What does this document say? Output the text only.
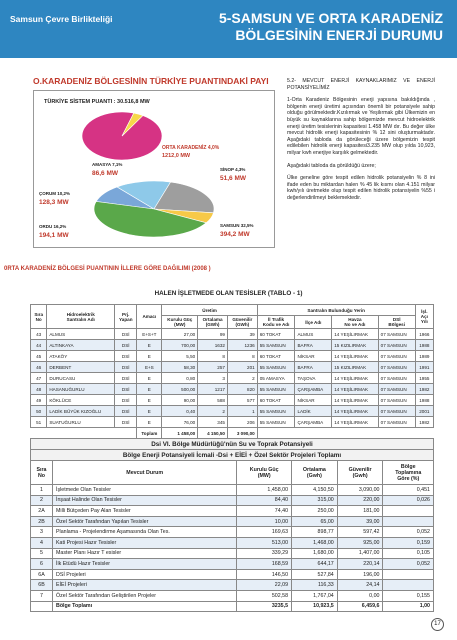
Samsun Çevre Birlikteliği	5-SAMSUN VE ORTA KARADENİZ
BÖLGESİNİN ENERJİ DURUMU
O.KARADENİZ BÖLGESİNİN TÜRKİYE PUANTINDAKİ PAYI
TÜRKİYE SİSTEM PUANTI : 30.516,8 MW
ORTA KARADENİZ 4,0%
1212,0 MW
AMASYA 7,1%
86,6 MW
ÇORUM 10,2%
128,3 MW
ORDU 16,2%
194,1 MW
SİNOP 4,3%
51,6 MW
SAMSUN 32,5%
394,2 MW
0RTA KARADENİZ BÖLGESİ PUANTININ İLLERE GÖRE DAĞILIMI (2008 )

5.2- MEVCUT ENERJİ KAYNAKLARIMIZ VE ENERJİ POTANSİYELİMİZ

1-Orta Karadeniz Bölgesinin enerji yapısına bakıldığında , bölgenin enerji üretimi açısından önemli bir potansiyele sahip olduğu görülmektedir.Kızılırmak ve Yeşilırmak gibi Ülkemizin en büyük su kaynaklarına sahip bölgemizde mevcut hidroelektrik enerji üretim tesislerinin kapasitesi 1.458 MW dır. Bu değer ülke mevcut hidrolik enerji kapasitesinin % 12 sini oluşturmaktadır. Aşağıdaki tabloda da görüleceği üzere bölgemizin tespit edilebilen hidrolik enerji kapasitesi3.235 MW olup yılda 10,923, milyar kwh enerjiye karşılık gelmektedir.

Aşağıdaki tabloda da görüldüğü üzere;

Ülke geneline göre tespit edilen hidrolik potansiyelin % 8 ini ifade eden bu miktardan halen % 45 lik kısmı olan 4.151 milyar kwh/yılı üretmekte olup tespit edilen hidrolik potansiyelin %55 i değerlendirilmeyi beklemektedir.

HALEN İŞLETMEDE OLAN TESİSLER (TABLO - 1)
Sıra
No	Hidroelektrik
Santralın Adı	Prj.
Yapan	Amacı	Üretim			Santralın Bulunduğu Yerin				İşl.
Açı
Yılı
				Kurulu Güç
(MW)	Ortalama
(GWh)	Güvenilir
(GWh)	İl Trafik
Kodu ve Adı	İlçe Adı	Havza
No ve Adı	DSİ
Bölgesi	
43	ALMUS	DSİ	E+S+T	27,00	99	39	60 TOKAT	ALMUS	14 YEŞİLIRMAK	07 SAMSUN	1966
44	ALTINKAYA	DSİ	E	700,00	1632	1236	55 SAMSUN	BAFRA	15 KIZILIRMAK	07 SAMSUN	1988
45	ATAKÖY	DSİ	E	5,50	8	8	60 TOKAT	NİKSAR	14 YEŞİLIRMAK	07 SAMSUN	1989
46	DERBENT	DSİ	E+S	58,30	257	201	55 SAMSUN	BAFRA	15 KIZILIRMAK	07 SAMSUN	1991
47	DURUCASU	DSİ	E	0,80	3	2	05 AMASYA	TAŞOVA	14 YEŞİLIRMAK	07 SAMSUN	1955
48	HASANUĞURLU	DSİ	E	500,00	1217	820	55 SAMSUN	ÇARŞAMBA	14 YEŞİLIRMAK	07 SAMSUN	1982
49	KÖKLÜCE	DSİ	E	90,00	588	577	60 TOKAT	NİKSAR	14 YEŞİLIRMAK	07 SAMSUN	1988
50	LADİK BÜYÜK KIZOĞLU	DSİ	E	0,40	2	1	55 SAMSUN	LADİK	14 YEŞİLIRMAK	07 SAMSUN	2001
51	SUATUĞURLU	DSİ	E	76,00	345	206	55 SAMSUN	ÇARŞAMBA	14 YEŞİLIRMAK	07 SAMSUN	1982
			Toplam	1 458,00	4 150,50	3 090,00					
Dsi VI. Bölge Müdürlüğü'nün Su ve Toprak Potansiyeli					
Bölge Enerji Potansiyeli İcmali -Dsi + EİEİ + Özel Sektör Projeleri Toplamı					
Sıra
No	Mevcut Durum	Kurulu Güç
(MW)	Ortalama
(Gwh)	Güvenilir
(Gwh)	Bölge
Toplamına
Göre (%)
1	İşletmede Olan Tesisler	1,458,00	4,150,50	3,090,00	0,451
2	İnşaat Halinde Olan Tesisler	84,40	315,00	220,00	0,026
2A	Milli Bütçeden Pay Alan Tesisler	74,40	250,00	181,00	
2B	Özel Sektör Tarafından Yapılan Tesisler	10,00	65,00	39,00	
3	Planlama - Projelendirme Aşamasında Olan Tes.	169,63	898,77	597,42	0,052
4	Kati Projesi Hazır Tesisler	513,00	1,468,00	925,00	0,159
5	Master Planı Hazır T esisler	339,29	1,680,00	1,407,00	0,105
6	İlk Etüdü Hazır Tesisler	168,59	644,17	220,14	0,052
6A	DSİ Projeleri	146,50	527,84	196,00	
6B	EİEİ Projeleri	22,09	116,33	24,14	
7	Özel Sektör Tarafından Geliştirilen Projeler	502,58	1,767,04	0,00	0,155
	Bölge Toplamı	3235,5	10,923,5	6,459,6	1,00
17
